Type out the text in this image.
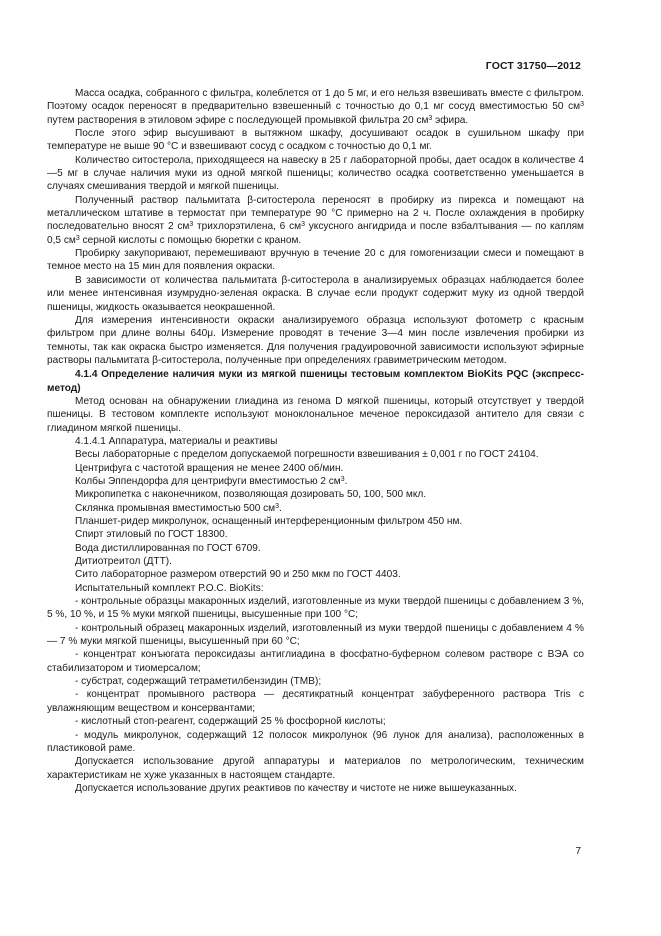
ГОСТ 31750—2012

Масса осадка, собранного с фильтра, колеблется от 1 до 5 мг, и его нельзя взвешивать вместе с фильтром. Поэтому осадок переносят в предварительно взвешенный с точностью до 0,1 мг сосуд вместимостью 50 $см^3$ путем растворения в этиловом эфире с последующей промывкой фильтра 20 $см^3$ эфира.

После этого эфир высушивают в вытяжном шкафу, досушивают осадок в сушильном шкафу при температуре не выше 90 °С и взвешивают сосуд с осадком с точностью до 0,1 мг.

Количество ситостерола, приходящееся на навеску в 25 г лабораторной пробы, дает осадок в количестве 4—5 мг в случае наличия муки из одной мягкой пшеницы; количество осадка соответственно уменьшается в случаях смешивания твердой и мягкой пшеницы.

Полученный раствор пальмитата β-ситостерола переносят в пробирку из пирекса и помещают на металлическом штативе в термостат при температуре 90 °С примерно на 2 ч. После охлаждения в пробирку последовательно вносят 2 $см^3$ трихлорэтилена, 6 $см^3$ уксусного ангидрида и после взбалтывания — по каплям 0,5 $см^3$ серной кислоты с помощью бюретки с краном.

Пробирку закупоривают, перемешивают вручную в течение 20 с для гомогенизации смеси и помещают в темное место на 15 мин для появления окраски.

В зависимости от количества пальмитата β-ситостерола в анализируемых образцах наблюдается более или менее интенсивная изумрудно-зеленая окраска. В случае если продукт содержит муку из одной твердой пшеницы, жидкость оказывается неокрашенной.

Для измерения интенсивности окраски анализируемого образца используют фотометр с красным фильтром при длине волны 640μ. Измерение проводят в течение 3—4 мин после извлечения пробирки из темноты, так как окраска быстро изменяется. Для получения градуировочной зависимости используют эфирные растворы пальмитата β-ситостерола, полученные при определениях гравиметрическим методом.

4.1.4 Определение наличия муки из мягкой пшеницы тестовым комплектом BioKits PQC (экспресс-метод)

Метод основан на обнаружении глиадина из генома D мягкой пшеницы, который отсутствует у твердой пшеницы. В тестовом комплекте используют моноклональное меченое пероксидазой антитело для связи с глиадином мягкой пшеницы.

4.1.4.1 Аппаратура, материалы и реактивы

Весы лабораторные с пределом допускаемой погрешности взвешивания ± 0,001 г по ГОСТ 24104.

Центрифуга с частотой вращения не менее 2400 об/мин.

Колбы Эппендорфа для центрифуги вместимостью 2 $см^3$.

Микропипетка с наконечником, позволяющая дозировать 50, 100, 500 мкл.

Склянка промывная вместимостью 500 $см^3$.

Планшет-ридер микролунок, оснащенный интерференционным фильтром 450 нм.

Спирт этиловый по ГОСТ 18300.

Вода дистиллированная по ГОСТ 6709.

Дитиотреитол (ДТТ).

Сито лабораторное размером отверстий 90 и 250 мкм по ГОСТ 4403.

Испытательный комплект Р.О.С. BioKits:

- контрольные образцы макаронных изделий, изготовленные из муки твердой пшеницы с добавлением 3 %, 5 %, 10 %, и 15 % муки мягкой пшеницы, высушенные при 100 °С;

- контрольный образец макаронных изделий, изготовленный из муки твердой пшеницы с добавлением 4 % — 7 % муки мягкой пшеницы, высушенный при 60 °С;

- концентрат конъюгата пероксидазы антиглиадина в фосфатно-буферном солевом растворе с ВЭА со стабилизатором и тиомерсалом;

- субстрат, содержащий тетраметилбензидин (ТМВ);

- концентрат промывного раствора — десятикратный концентрат забуференного раствора Tris с увлажняющим веществом и консервантами;

- кислотный стоп-реагент, содержащий 25 % фосфорной кислоты;

- модуль микролунок, содержащий 12 полосок микролунок (96 лунок для анализа), расположенных в пластиковой раме.

Допускается использование другой аппаратуры и материалов по метрологическим, техническим характеристикам не хуже указанных в настоящем стандарте.

Допускается использование других реактивов по качеству и чистоте не ниже вышеуказанных.

7
